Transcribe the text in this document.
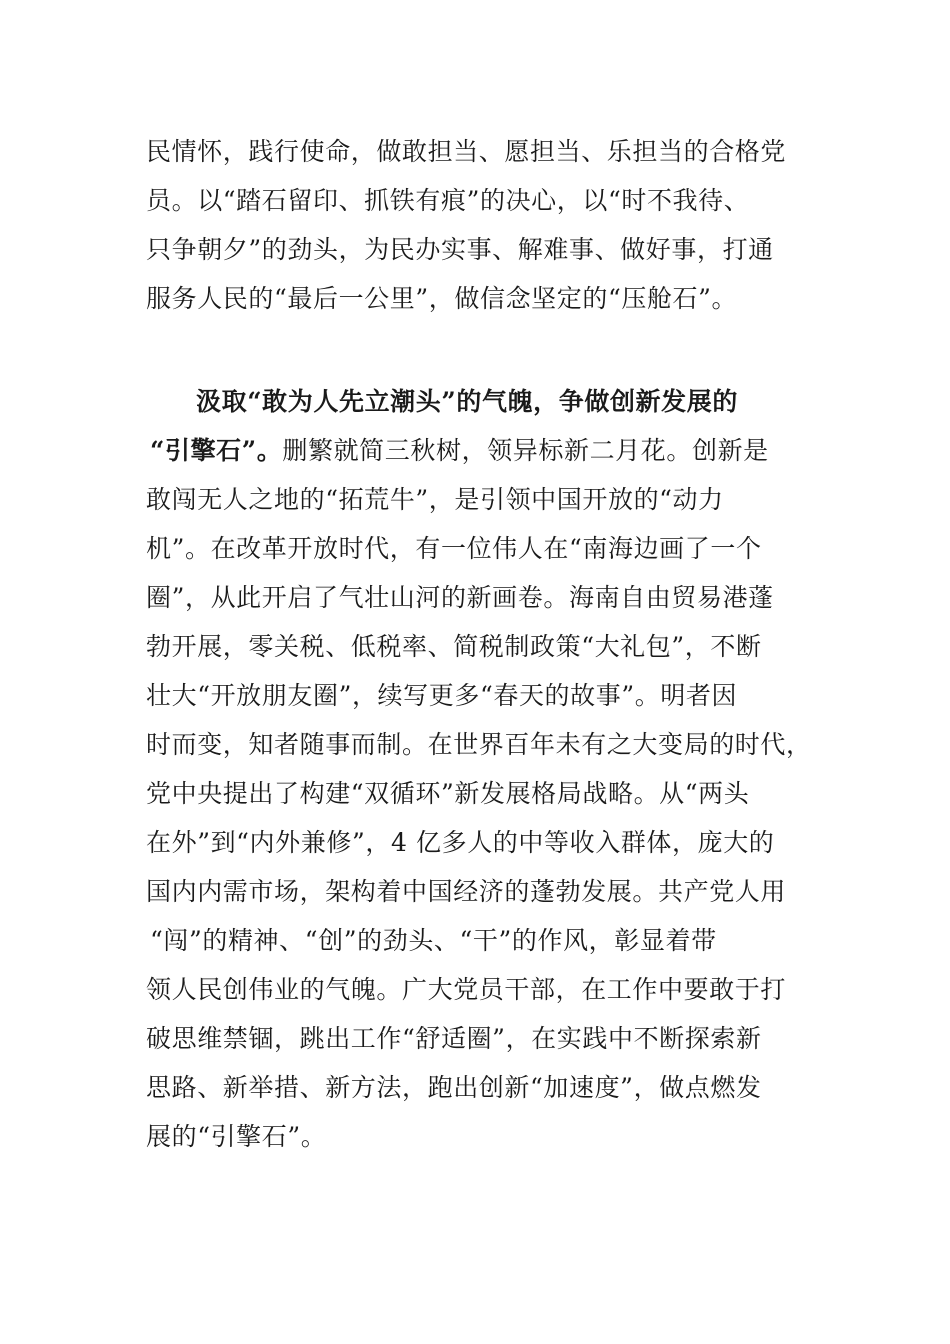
民情怀，践行使命，做敢担当、愿担当、乐担当的合格党
员。以“踏石留印、抓铁有痕”的决心，以“时不我待、
只争朝夕”的劲头，为民办实事、解难事、做好事，打通
服务人民的“最后一公里”，做信念坚定的“压舱石”。
汲取“敢为人先立潮头”的气魄，争做创新发展的
“引擎石”。删繁就简三秋树，领异标新二月花。创新是
敢闯无人之地的“拓荒牛”，是引领中国开放的“动力
机”。在改革开放时代，有一位伟人在“南海边画了一个
圈”，从此开启了气壮山河的新画卷。海南自由贸易港蓬
勃开展，零关税、低税率、简税制政策“大礼包”，不断
壮大“开放朋友圈”，续写更多“春天的故事”。明者因
时而变，知者随事而制。在世界百年未有之大变局的时代，
党中央提出了构建“双循环”新发展格局战略。从“两头
在外”到“内外兼修”，4 亿多人的中等收入群体，庞大的
国内内需市场，架构着中国经济的蓬勃发展。共产党人用
“闯”的精神、“创”的劲头、“干”的作风，彰显着带
领人民创伟业的气魄。广大党员干部，在工作中要敢于打
破思维禁锢，跳出工作“舒适圈”，在实践中不断探索新
思路、新举措、新方法，跑出创新“加速度”，做点燃发
展的“引擎石”。
